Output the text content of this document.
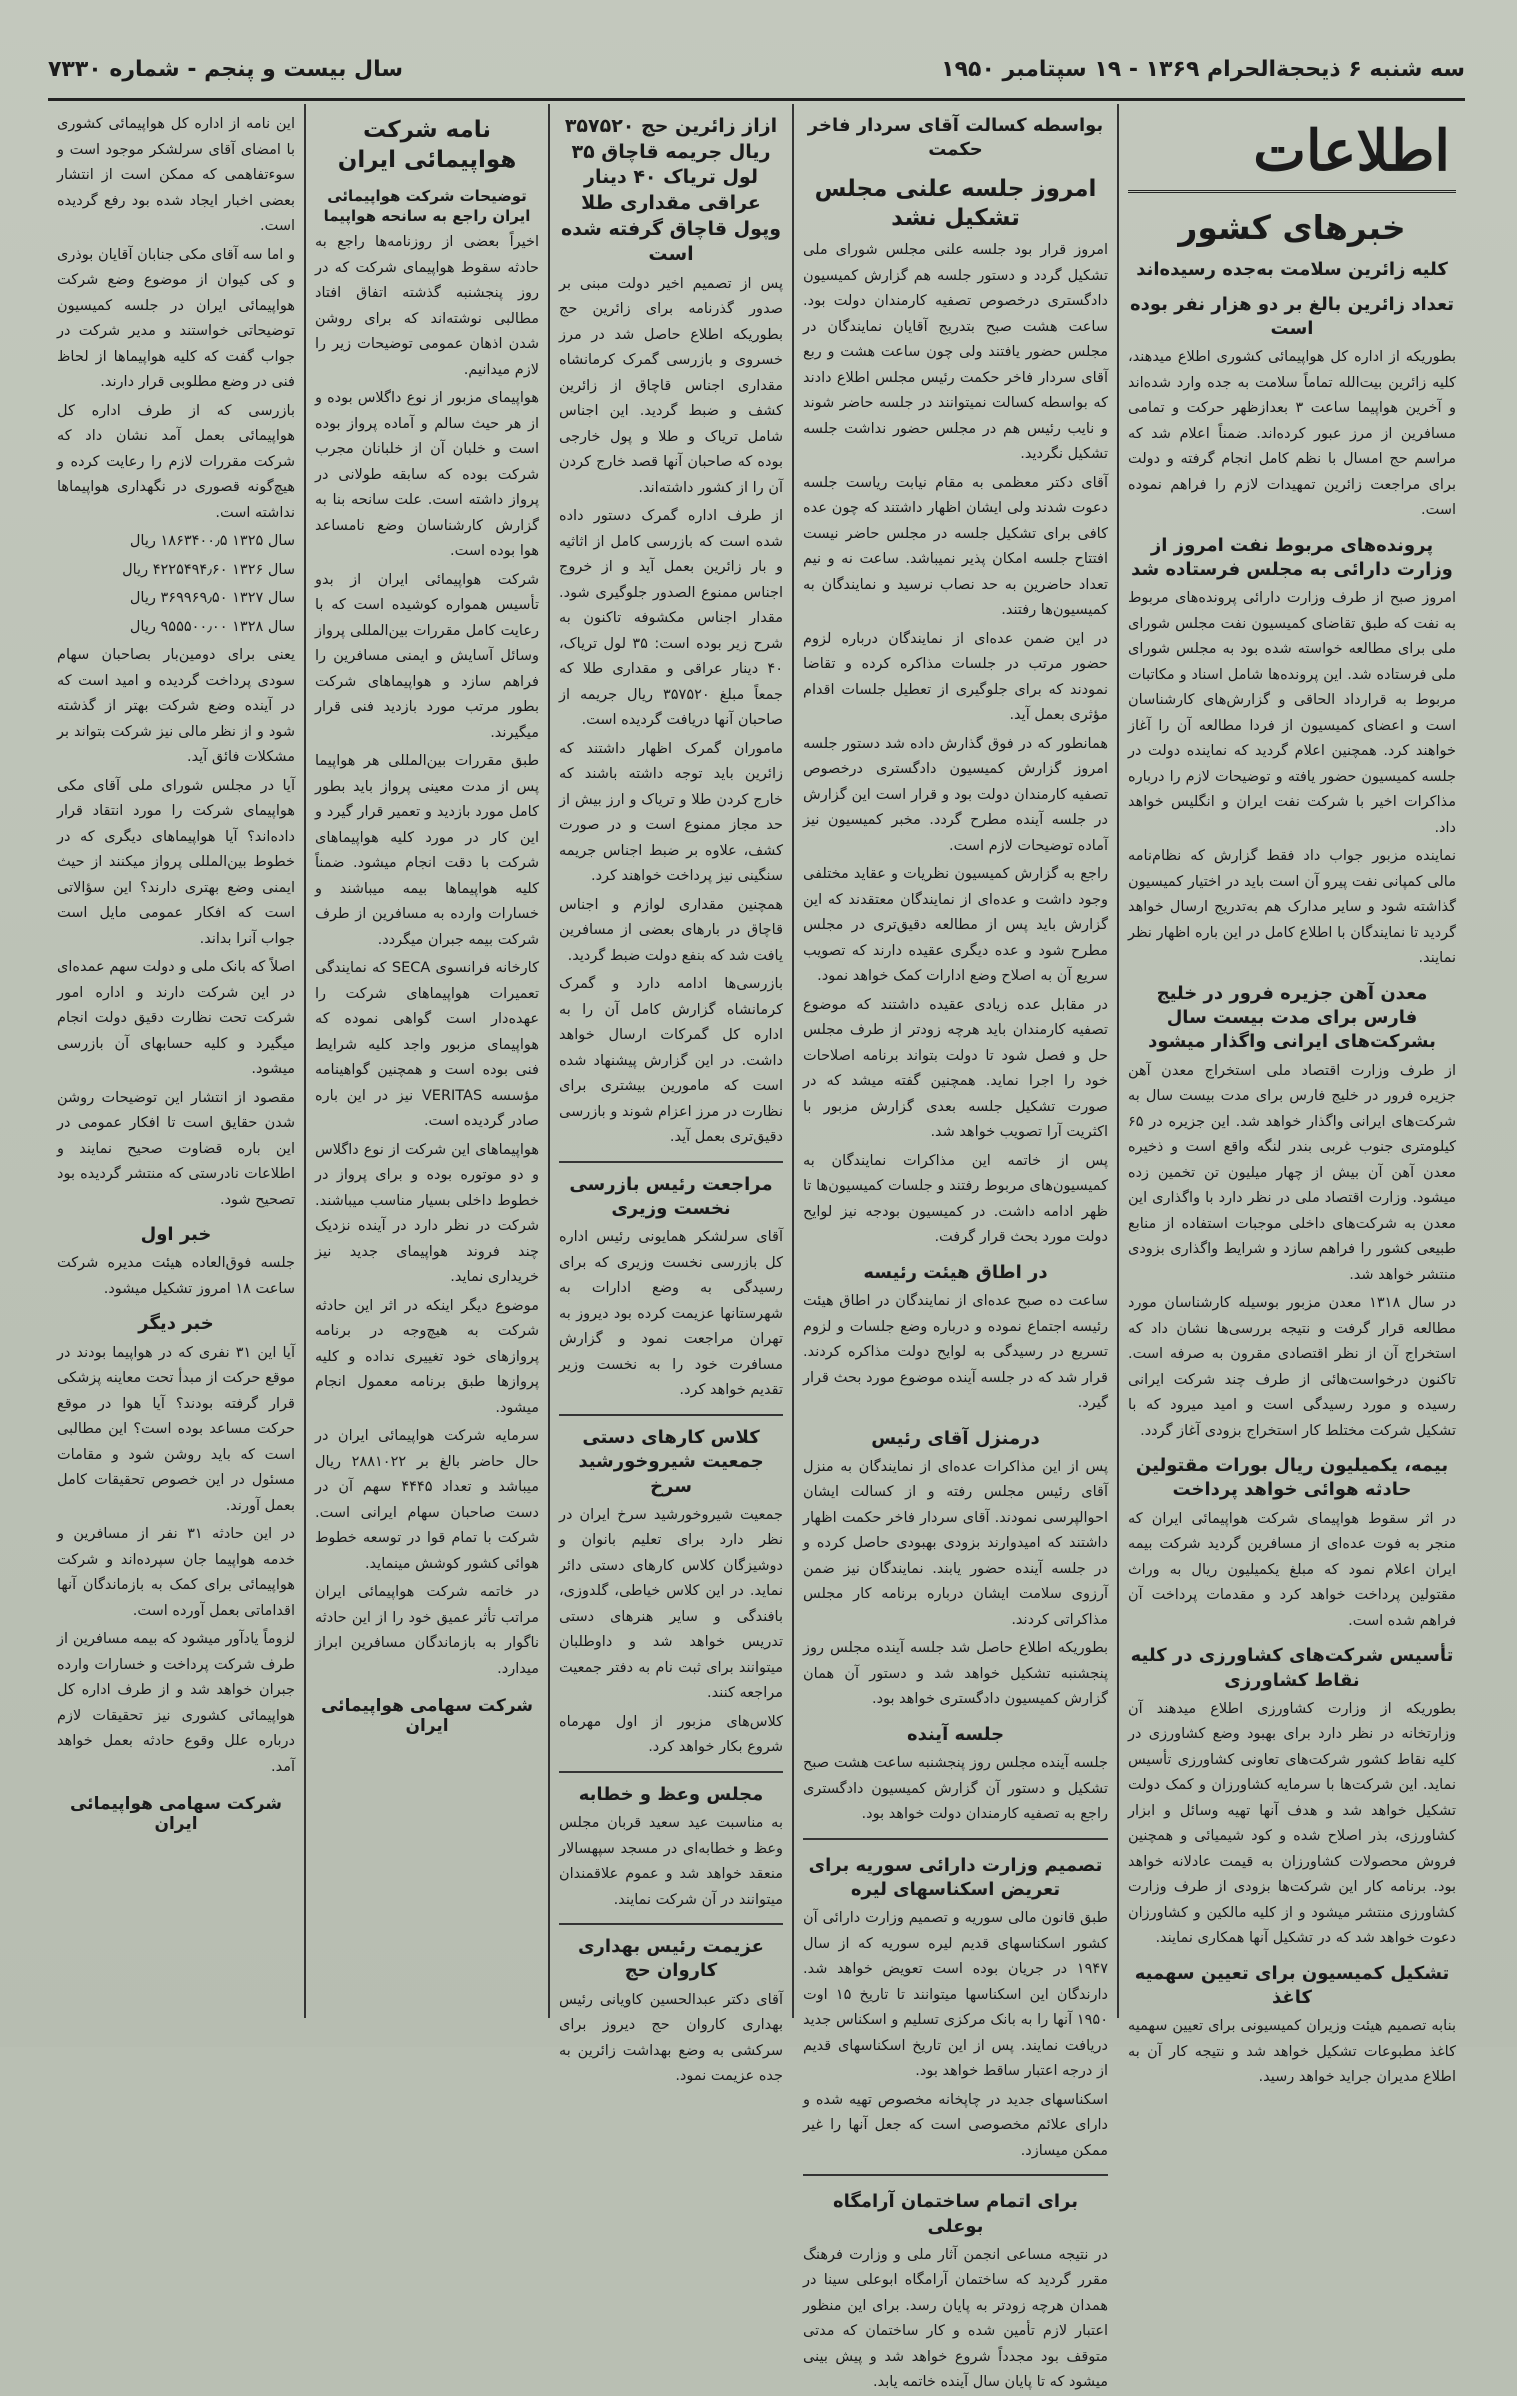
سه شنبه ۶ ذیحجة‌الحرام ۱۳۶۹ - ۱۹ سپتامبر ۱۹۵۰
سال بیست و پنجم - شماره ۷۳۳۰
اطلاعات
خبرهای کشور
کلیه زائرین سلامت به‌جده رسیده‌اند
تعداد زائرین بالغ بر دو هزار نفر بوده است

بطوریکه از اداره کل هواپیمائی کشوری اطلاع میدهند، کلیه زائرین بیت‌الله تماماً سلامت به جده وارد شده‌اند و آخرین هواپیما ساعت ۳ بعدازظهر حرکت و تمامی مسافرین از مرز عبور کرده‌اند. ضمناً اعلام شد که مراسم حج امسال با نظم کامل انجام گرفته و دولت برای مراجعت زائرین تمهیدات لازم را فراهم نموده است.

پرونده‌های مربوط نفت امروز از وزارت دارائی به مجلس فرستاده شد

امروز صبح از طرف وزارت دارائی پرونده‌های مربوط به نفت که طبق تقاضای کمیسیون نفت مجلس شورای ملی برای مطالعه خواسته شده بود به مجلس شورای ملی فرستاده شد. این پرونده‌ها شامل اسناد و مکاتبات مربوط به قرارداد الحاقی و گزارش‌های کارشناسان است و اعضای کمیسیون از فردا مطالعه آن را آغاز خواهند کرد. همچنین اعلام گردید که نماینده دولت در جلسه کمیسیون حضور یافته و توضیحات لازم را درباره مذاکرات اخیر با شرکت نفت ایران و انگلیس خواهد داد.

نماینده مزبور جواب داد فقط گزارش که نظام‌نامه مالی کمپانی نفت پیرو آن است باید در اختیار کمیسیون گذاشته شود و سایر مدارک هم به‌تدریج ارسال خواهد گردید تا نمایندگان با اطلاع کامل در این باره اظهار نظر نمایند.

معدن آهن جزیره فرور در خلیج فارس برای مدت بیست سال بشرکت‌های ایرانی واگذار میشود

از طرف وزارت اقتصاد ملی استخراج معدن آهن جزیره فرور در خلیج فارس برای مدت بیست سال به شرکت‌های ایرانی واگذار خواهد شد. این جزیره در ۶۵ کیلومتری جنوب غربی بندر لنگه واقع است و ذخیره معدن آهن آن بیش از چهار میلیون تن تخمین زده میشود. وزارت اقتصاد ملی در نظر دارد با واگذاری این معدن به شرکت‌های داخلی موجبات استفاده از منابع طبیعی کشور را فراهم سازد و شرایط واگذاری بزودی منتشر خواهد شد.

در سال ۱۳۱۸ معدن مزبور بوسیله کارشناسان مورد مطالعه قرار گرفت و نتیجه بررسی‌ها نشان داد که استخراج آن از نظر اقتصادی مقرون به صرفه است. تاکنون درخواست‌هائی از طرف چند شرکت ایرانی رسیده و مورد رسیدگی است و امید میرود که با تشکیل شرکت مختلط کار استخراج بزودی آغاز گردد.

بیمه، یکمیلیون ریال بورات مقتولین حادثه هوائی خواهد پرداخت

در اثر سقوط هواپیمای شرکت هواپیمائی ایران که منجر به فوت عده‌ای از مسافرین گردید شرکت بیمه ایران اعلام نمود که مبلغ یکمیلیون ریال به وراث مقتولین پرداخت خواهد کرد و مقدمات پرداخت آن فراهم شده است.

تأسیس شرکت‌های کشاورزی در کلیه نقاط کشاورزی

بطوریکه از وزارت کشاورزی اطلاع میدهند آن وزارتخانه در نظر دارد برای بهبود وضع کشاورزی در کلیه نقاط کشور شرکت‌های تعاونی کشاورزی تأسیس نماید. این شرکت‌ها با سرمایه کشاورزان و کمک دولت تشکیل خواهد شد و هدف آنها تهیه وسائل و ابزار کشاورزی، بذر اصلاح شده و کود شیمیائی و همچنین فروش محصولات کشاورزان به قیمت عادلانه خواهد بود. برنامه کار این شرکت‌ها بزودی از طرف وزارت کشاورزی منتشر میشود و از کلیه مالکین و کشاورزان دعوت خواهد شد که در تشکیل آنها همکاری نمایند.

تشکیل کمیسیون برای تعیین سهمیه کاغذ

بنابه تصمیم هیئت وزیران کمیسیونی برای تعیین سهمیه کاغذ مطبوعات تشکیل خواهد شد و نتیجه کار آن به اطلاع مدیران جراید خواهد رسید.

بواسطه کسالت آقای سردار فاخر حکمت
امروز جلسه علنی مجلس تشکیل نشد

امروز قرار بود جلسه علنی مجلس شورای ملی تشکیل گردد و دستور جلسه هم گزارش کمیسیون دادگستری درخصوص تصفیه کارمندان دولت بود. ساعت هشت صبح بتدریج آقایان نمایندگان در مجلس حضور یافتند ولی چون ساعت هشت و ربع آقای سردار فاخر حکمت رئیس مجلس اطلاع دادند که بواسطه کسالت نمیتوانند در جلسه حاضر شوند و نایب رئیس هم در مجلس حضور نداشت جلسه تشکیل نگردید.

آقای دکتر معظمی به مقام نیابت ریاست جلسه دعوت شدند ولی ایشان اظهار داشتند که چون عده کافی برای تشکیل جلسه در مجلس حاضر نیست افتتاح جلسه امکان پذیر نمیباشد. ساعت نه و نیم تعداد حاضرین به حد نصاب نرسید و نمایندگان به کمیسیون‌ها رفتند.

در این ضمن عده‌ای از نمایندگان درباره لزوم حضور مرتب در جلسات مذاکره کرده و تقاضا نمودند که برای جلوگیری از تعطیل جلسات اقدام مؤثری بعمل آید.

همانطور که در فوق گذارش داده شد دستور جلسه امروز گزارش کمیسیون دادگستری درخصوص تصفیه کارمندان دولت بود و قرار است این گزارش در جلسه آینده مطرح گردد. مخبر کمیسیون نیز آماده توضیحات لازم است.

راجع به گزارش کمیسیون نظریات و عقاید مختلفی وجود داشت و عده‌ای از نمایندگان معتقدند که این گزارش باید پس از مطالعه دقیق‌تری در مجلس مطرح شود و عده دیگری عقیده دارند که تصویب سریع آن به اصلاح وضع ادارات کمک خواهد نمود.

در مقابل عده زیادی عقیده داشتند که موضوع تصفیه کارمندان باید هرچه زودتر از طرف مجلس حل و فصل شود تا دولت بتواند برنامه اصلاحات خود را اجرا نماید. همچنین گفته میشد که در صورت تشکیل جلسه بعدی گزارش مزبور با اکثریت آرا تصویب خواهد شد.

پس از خاتمه این مذاکرات نمایندگان به کمیسیون‌های مربوط رفتند و جلسات کمیسیون‌ها تا ظهر ادامه داشت. در کمیسیون بودجه نیز لوایح دولت مورد بحث قرار گرفت.

در اطاق هیئت رئیسه

ساعت ده صبح عده‌ای از نمایندگان در اطاق هیئت رئیسه اجتماع نموده و درباره وضع جلسات و لزوم تسریع در رسیدگی به لوایح دولت مذاکره کردند. قرار شد که در جلسه آینده موضوع مورد بحث قرار گیرد.

درمنزل آقای رئیس

پس از این مذاکرات عده‌ای از نمایندگان به منزل آقای رئیس مجلس رفته و از کسالت ایشان احوالپرسی نمودند. آقای سردار فاخر حکمت اظهار داشتند که امیدوارند بزودی بهبودی حاصل کرده و در جلسه آینده حضور یابند. نمایندگان نیز ضمن آرزوی سلامت ایشان درباره برنامه کار مجلس مذاکراتی کردند.

بطوریکه اطلاع حاصل شد جلسه آینده مجلس روز پنجشنبه تشکیل خواهد شد و دستور آن همان گزارش کمیسیون دادگستری خواهد بود.

جلسه آینده

جلسه آینده مجلس روز پنجشنبه ساعت هشت صبح تشکیل و دستور آن گزارش کمیسیون دادگستری راجع به تصفیه کارمندان دولت خواهد بود.

تصمیم وزارت دارائی سوریه برای تعریض اسکناسهای لیره

طبق قانون مالی سوریه و تصمیم وزارت دارائی آن کشور اسکناسهای قدیم لیره سوریه که از سال ۱۹۴۷ در جریان بوده است تعویض خواهد شد. دارندگان این اسکناسها میتوانند تا تاریخ ۱۵ اوت ۱۹۵۰ آنها را به بانک مرکزی تسلیم و اسکناس جدید دریافت نمایند. پس از این تاریخ اسکناسهای قدیم از درجه اعتبار ساقط خواهد بود.

اسکناسهای جدید در چاپخانه مخصوص تهیه شده و دارای علائم مخصوصی است که جعل آنها را غیر ممکن میسازد.

برای اتمام ساختمان آرامگاه بوعلی

در نتیجه مساعی انجمن آثار ملی و وزارت فرهنگ مقرر گردید که ساختمان آرامگاه ابوعلی سینا در همدان هرچه زودتر به پایان رسد. برای این منظور اعتبار لازم تأمین شده و کار ساختمان که مدتی متوقف بود مجدداً شروع خواهد شد و پیش بینی میشود که تا پایان سال آینده خاتمه یابد.

ازاز زائرین حج ۳۵۷۵۲۰ ریال جریمه قاچاق ۳۵ لول تریاک ۴۰ دینار عراقی مقداری طلا وپول قاچاق گرفته شده است

پس از تصمیم اخیر دولت مبنی بر صدور گذرنامه برای زائرین حج بطوریکه اطلاع حاصل شد در مرز خسروی و بازرسی گمرک کرمانشاه مقداری اجناس قاچاق از زائرین کشف و ضبط گردید. این اجناس شامل تریاک و طلا و پول خارجی بوده که صاحبان آنها قصد خارج کردن آن را از کشور داشته‌اند.

از طرف اداره گمرک دستور داده شده است که بازرسی کامل از اثاثیه و بار زائرین بعمل آید و از خروج اجناس ممنوع الصدور جلوگیری شود. مقدار اجناس مکشوفه تاکنون به شرح زیر بوده است: ۳۵ لول تریاک، ۴۰ دینار عراقی و مقداری طلا که جمعاً مبلغ ۳۵۷۵۲۰ ریال جریمه از صاحبان آنها دریافت گردیده است.

ماموران گمرک اظهار داشتند که زائرین باید توجه داشته باشند که خارج کردن طلا و تریاک و ارز بیش از حد مجاز ممنوع است و در صورت کشف، علاوه بر ضبط اجناس جریمه سنگینی نیز پرداخت خواهند کرد.

همچنین مقداری لوازم و اجناس قاچاق در بارهای بعضی از مسافرین یافت شد که بنفع دولت ضبط گردید.

بازرسی‌ها ادامه دارد و گمرک کرمانشاه گزارش کامل آن را به اداره کل گمرکات ارسال خواهد داشت. در این گزارش پیشنهاد شده است که مامورین بیشتری برای نظارت در مرز اعزام شوند و بازرسی دقیق‌تری بعمل آید.

مراجعت رئیس بازرسی نخست وزیری

آقای سرلشکر همایونی رئیس اداره کل بازرسی نخست وزیری که برای رسیدگی به وضع ادارات به شهرستانها عزیمت کرده بود دیروز به تهران مراجعت نمود و گزارش مسافرت خود را به نخست وزیر تقدیم خواهد کرد.

کلاس کارهای دستی جمعیت شیروخورشید سرخ

جمعیت شیروخورشید سرخ ایران در نظر دارد برای تعلیم بانوان و دوشیزگان کلاس کارهای دستی دائر نماید. در این کلاس خیاطی، گلدوزی، بافندگی و سایر هنرهای دستی تدریس خواهد شد و داوطلبان میتوانند برای ثبت نام به دفتر جمعیت مراجعه کنند.

کلاس‌های مزبور از اول مهرماه شروع بکار خواهد کرد.

مجلس وعظ و خطابه

به مناسبت عید سعید قربان مجلس وعظ و خطابه‌ای در مسجد سپهسالار منعقد خواهد شد و عموم علاقمندان میتوانند در آن شرکت نمایند.

عزیمت رئیس بهداری کاروان حج

آقای دکتر عبدالحسین کاویانی رئیس بهداری کاروان حج دیروز برای سرکشی به وضع بهداشت زائرین به جده عزیمت نمود.

نامه شرکت هواپیمائی ایران
توضیحات شرکت هواپیمائی ایران راجع به سانحه هواپیما

اخیراً بعضی از روزنامه‌ها راجع به حادثه سقوط هواپیمای شرکت که در روز پنجشنبه گذشته اتفاق افتاد مطالبی نوشته‌اند که برای روشن شدن اذهان عمومی توضیحات زیر را لازم میدانیم.

هواپیمای مزبور از نوع داگلاس بوده و از هر حیث سالم و آماده پرواز بوده است و خلبان آن از خلبانان مجرب شرکت بوده که سابقه طولانی در پرواز داشته است. علت سانحه بنا به گزارش کارشناسان وضع نامساعد هوا بوده است.

شرکت هواپیمائی ایران از بدو تأسیس همواره کوشیده است که با رعایت کامل مقررات بین‌المللی پرواز وسائل آسایش و ایمنی مسافرین را فراهم سازد و هواپیماهای شرکت بطور مرتب مورد بازدید فنی قرار میگیرند.

طبق مقررات بین‌المللی هر هواپیما پس از مدت معینی پرواز باید بطور کامل مورد بازدید و تعمیر قرار گیرد و این کار در مورد کلیه هواپیماهای شرکت با دقت انجام میشود. ضمناً کلیه هواپیماها بیمه میباشند و خسارات وارده به مسافرین از طرف شرکت بیمه جبران میگردد.

کارخانه فرانسوی SECA که نمایندگی تعمیرات هواپیماهای شرکت را عهده‌دار است گواهی نموده که هواپیمای مزبور واجد کلیه شرایط فنی بوده است و همچنین گواهینامه مؤسسه VERITAS نیز در این باره صادر گردیده است.

هواپیماهای این شرکت از نوع داگلاس و دو موتوره بوده و برای پرواز در خطوط داخلی بسیار مناسب میباشند. شرکت در نظر دارد در آینده نزدیک چند فروند هواپیمای جدید نیز خریداری نماید.

موضوع دیگر اینکه در اثر این حادثه شرکت به هیچ‌وجه در برنامه پروازهای خود تغییری نداده و کلیه پروازها طبق برنامه معمول انجام میشود.

سرمایه شرکت هواپیمائی ایران در حال حاضر بالغ بر ۲۸۸۱۰۲۲ ریال میباشد و تعداد ۴۴۴۵ سهم آن در دست صاحبان سهام ایرانی است. شرکت با تمام قوا در توسعه خطوط هوائی کشور کوشش مینماید.

در خاتمه شرکت هواپیمائی ایران مراتب تأثر عمیق خود را از این حادثه ناگوار به بازماندگان مسافرین ابراز میدارد.

شرکت سهامی هواپیمائی ایران

این نامه از اداره کل هواپیمائی کشوری با امضای آقای سرلشکر موجود است و سوءتفاهمی که ممکن است از انتشار بعضی اخبار ایجاد شده بود رفع گردیده است.

و اما سه آقای مکی جنابان آقایان بوذری و کی کیوان از موضوع وضع شرکت هواپیمائی ایران در جلسه کمیسیون توضیحاتی خواستند و مدیر شرکت در جواب گفت که کلیه هواپیماها از لحاظ فنی در وضع مطلوبی قرار دارند.

بازرسی که از طرف اداره کل هواپیمائی بعمل آمد نشان داد که شرکت مقررات لازم را رعایت کرده و هیچ‌گونه قصوری در نگهداری هواپیماها نداشته است.

سال ۱۳۲۵ ۱۸۶۳۴۰۰٫۵ ریال

سال ۱۳۲۶ ۴۲۲۵۴۹۴٫۶۰ ریال

سال ۱۳۲۷ ۳۶۹۹۶۹٫۵۰ ریال

سال ۱۳۲۸ ۹۵۵۵۰۰٫۰۰ ریال

یعنی برای دومین‌بار بصاحبان سهام سودی پرداخت گردیده و امید است که در آینده وضع شرکت بهتر از گذشته شود و از نظر مالی نیز شرکت بتواند بر مشکلات فائق آید.

آیا در مجلس شورای ملی آقای مکی هواپیمای شرکت را مورد انتقاد قرار داده‌اند؟ آیا هواپیماهای دیگری که در خطوط بین‌المللی پرواز میکنند از حیث ایمنی وضع بهتری دارند؟ این سؤالاتی است که افکار عمومی مایل است جواب آنرا بداند.

اصلاً که بانک ملی و دولت سهم عمده‌ای در این شرکت دارند و اداره امور شرکت تحت نظارت دقیق دولت انجام میگیرد و کلیه حسابهای آن بازرسی میشود.

مقصود از انتشار این توضیحات روشن شدن حقایق است تا افکار عمومی در این باره قضاوت صحیح نمایند و اطلاعات نادرستی که منتشر گردیده بود تصحیح شود.

خبر اول

جلسه فوق‌العاده هیئت مدیره شرکت ساعت ۱۸ امروز تشکیل میشود.

خبر دیگر

آیا این ۳۱ نفری که در هواپیما بودند در موقع حرکت از مبدأ تحت معاینه پزشکی قرار گرفته بودند؟ آیا هوا در موقع حرکت مساعد بوده است؟ این مطالبی است که باید روشن شود و مقامات مسئول در این خصوص تحقیقات کامل بعمل آورند.

در این حادثه ۳۱ نفر از مسافرین و خدمه هواپیما جان سپرده‌اند و شرکت هواپیمائی برای کمک به بازماندگان آنها اقداماتی بعمل آورده است.

لزوماً یادآور میشود که بیمه مسافرین از طرف شرکت پرداخت و خسارات وارده جبران خواهد شد و از طرف اداره کل هواپیمائی کشوری نیز تحقیقات لازم درباره علل وقوع حادثه بعمل خواهد آمد.

شرکت سهامی هواپیمائی ایران
